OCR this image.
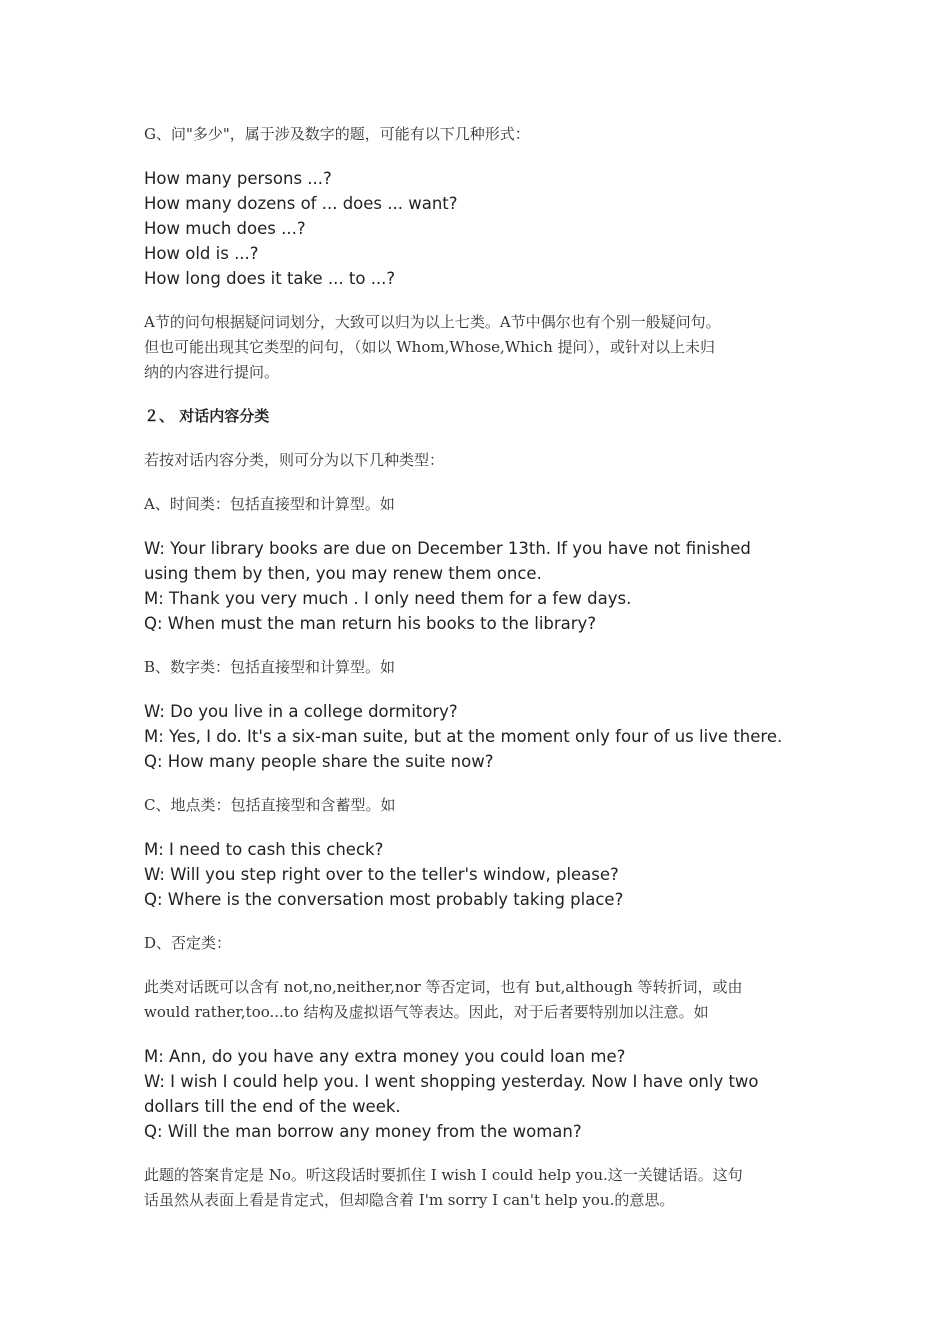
G、问"多少"，属于涉及数字的题，可能有以下几种形式：

How many persons ...?
How many dozens of ... does ... want?
How much does ...?
How old is ...?
How long does it take ... to ...?
A节的问句根据疑问词划分，大致可以归为以上七类。A节中偶尔也有个别一般疑问句。
但也可能出现其它类型的问句，（如以 Whom,Whose,Which 提问），或针对以上未归
纳的内容进行提问。

２、 对话内容分类

若按对话内容分类，则可分为以下几种类型：

A、时间类：包括直接型和计算型。如

W: Your library books are due on December 13th. If you have not finished
using them by then, you may renew them once.
M: Thank you very much . I only need them for a few days.
Q: When must the man return his books to the library?

B、数字类：包括直接型和计算型。如

W: Do you live in a college dormitory?
M: Yes, I do. It's a six-man suite, but at the moment only four of us live there.
Q: How many people share the suite now?

C、地点类：包括直接型和含蓄型。如

M: I need to cash this check?
W: Will you step right over to the teller's window, please?
Q: Where is the conversation most probably taking place?

D、否定类：

此类对话既可以含有 not,no,neither,nor 等否定词，也有 but,although 等转折词，或由
would rather,too...to 结构及虚拟语气等表达。因此，对于后者要特别加以注意。如
M: Ann, do you have any extra money you could loan me?
W: I wish I could help you. I went shopping yesterday. Now I have only two
dollars till the end of the week.
Q: Will the man borrow any money from the woman?
此题的答案肯定是 No。听这段话时要抓住 I wish I could help you.这一关键话语。这句
话虽然从表面上看是肯定式，但却隐含着 I'm sorry I can't help you.的意思。
